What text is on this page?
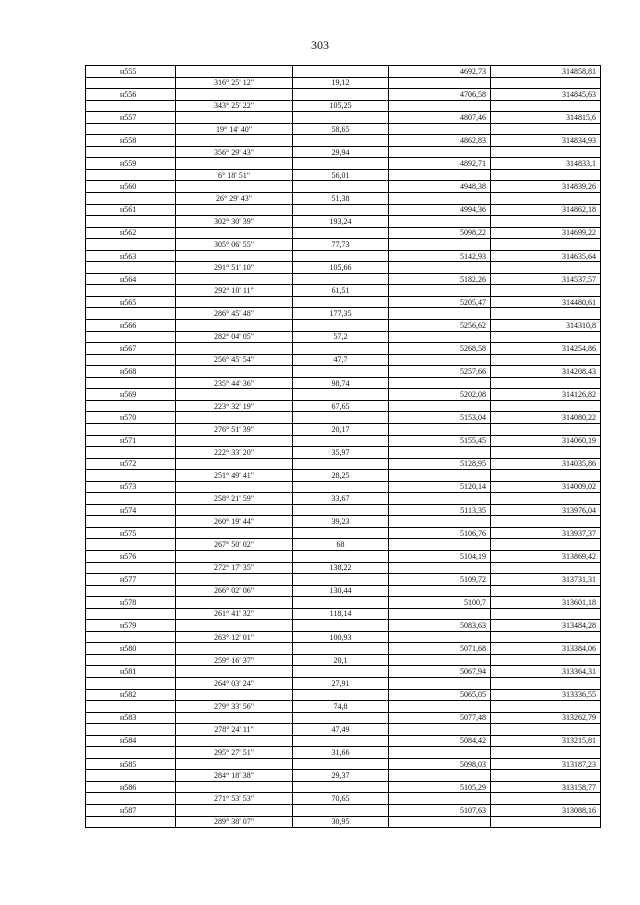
303
н555			4692,73	314858,81
	316° 25' 12"	19,12		
н556			4706,58	314845,63
	343° 25' 22"	105,25		
н557			4807,46	314815,6
	19° 14' 40"	58,65		
н558			4862,83	314834,93
	356° 29' 43"	29,94		
н559			4892,71	314833,1
	6° 18' 51"	56,01		
н560			4948,38	314839,26
	26° 29' 43"	51,38		
н561			4994,36	314862,18
	302° 30' 39"	193,24		
н562			5098,22	314699,22
	305° 06' 55"	77,73		
н563			5142,93	314635,64
	291° 51' 10"	105,66		
н564			5182,26	314537,57
	292° 10' 11"	61,51		
н565			5205,47	314480,61
	286° 45' 48"	177,35		
н566			5256,62	314310,8
	282° 04' 05"	57,2		
н567			5268,58	314254,86
	256° 45' 54"	47,7		
н568			5257,66	314208,43
	235° 44' 36"	98,74		
н569			5202,08	314126,82
	223° 32' 19"	67,65		
н570			5153,04	314080,22
	276° 51' 39"	20,17		
н571			5155,45	314060,19
	222° 33' 20"	35,97		
н572			5128,95	314035,86
	251° 49' 41"	28,25		
н573			5120,14	314009,02
	258° 21' 59"	33,67		
н574			5113,35	313976,04
	260° 19' 44"	39,23		
н575			5106,76	313937,37
	267° 50' 02"	68		
н576			5104,19	313869,42
	272° 17' 35"	138,22		
н577			5109,72	313731,31
	266° 02' 06"	130,44		
н578			5100,7	313601,18
	261° 41' 32"	118,14		
н579			5083,63	313484,28
	263° 12' 01"	100,93		
н580			5071,68	313384,06
	259° 16' 37"	20,1		
н581			5067,94	313364,31
	264° 03' 24"	27,91		
н582			5065,05	313336,55
	279° 33' 56"	74,8		
н583			5077,48	313262,79
	278° 24' 11"	47,49		
н584			5084,42	313215,81
	295° 27' 51"	31,66		
н585			5098,03	313187,23
	284° 18' 38"	29,37		
н586			5105,29	313158,77
	271° 53' 53"	70,65		
н587			5107,63	313088,16
	289° 38' 07"	30,95		
